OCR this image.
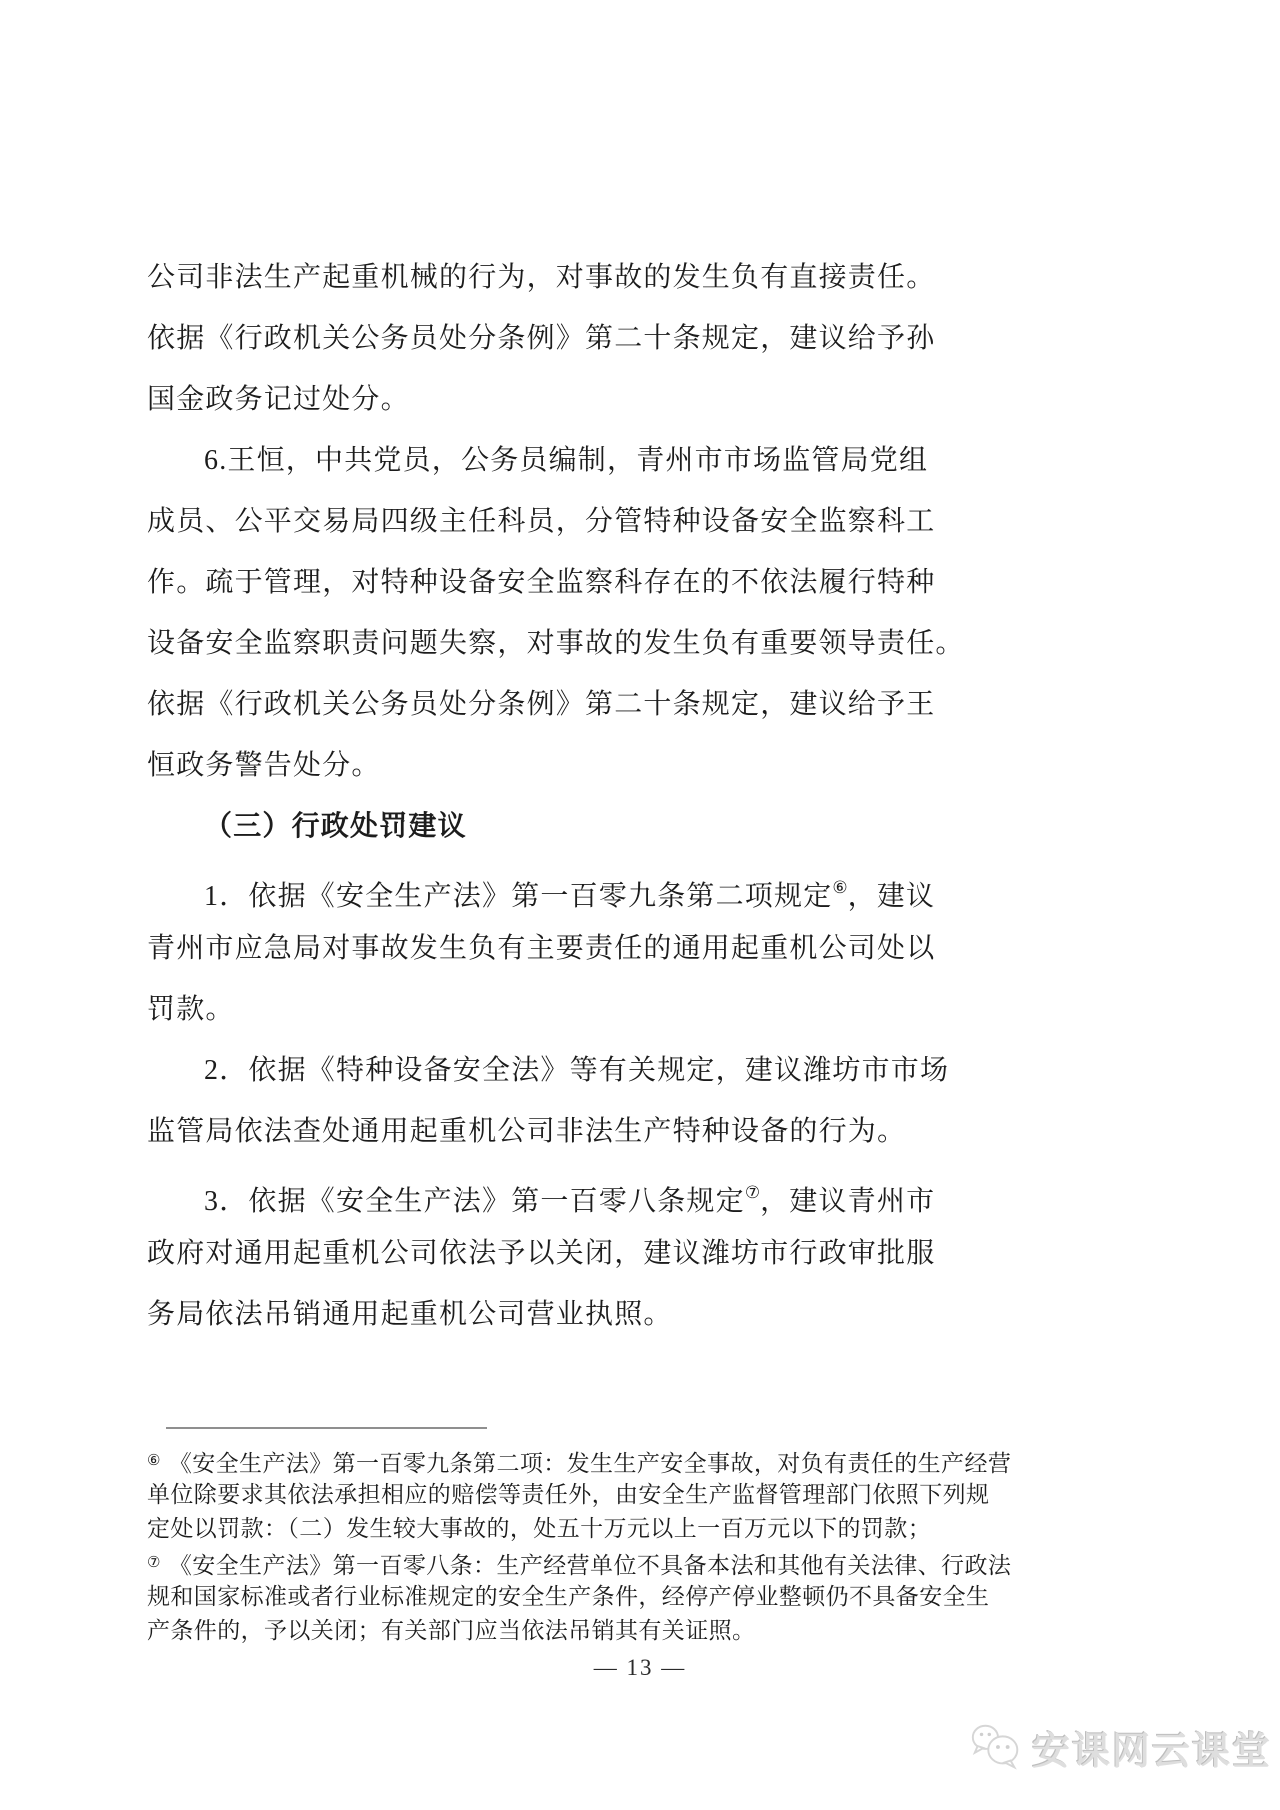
公司非法生产起重机械的行为，对事故的发生负有直接责任。
依据《行政机关公务员处分条例》第二十条规定，建议给予孙
国金政务记过处分。
6.王恒，中共党员，公务员编制，青州市市场监管局党组
成员、公平交易局四级主任科员，分管特种设备安全监察科工
作。疏于管理，对特种设备安全监察科存在的不依法履行特种
设备安全监察职责问题失察，对事故的发生负有重要领导责任。
依据《行政机关公务员处分条例》第二十条规定，建议给予王
恒政务警告处分。
（三）行政处罚建议
1．依据《安全生产法》第一百零九条第二项规定⑥，建议
青州市应急局对事故发生负有主要责任的通用起重机公司处以
罚款。
2．依据《特种设备安全法》等有关规定，建议潍坊市市场
监管局依法查处通用起重机公司非法生产特种设备的行为。
3．依据《安全生产法》第一百零八条规定⑦，建议青州市
政府对通用起重机公司依法予以关闭，建议潍坊市行政审批服
务局依法吊销通用起重机公司营业执照。
⑥ 《安全生产法》第一百零九条第二项：发生生产安全事故，对负有责任的生产经营
单位除要求其依法承担相应的赔偿等责任外，由安全生产监督管理部门依照下列规
定处以罚款：（二）发生较大事故的，处五十万元以上一百万元以下的罚款；
⑦ 《安全生产法》第一百零八条：生产经营单位不具备本法和其他有关法律、行政法
规和国家标准或者行业标准规定的安全生产条件，经停产停业整顿仍不具备安全生
产条件的，予以关闭；有关部门应当依法吊销其有关证照。
— 13 —
安课网云课堂
